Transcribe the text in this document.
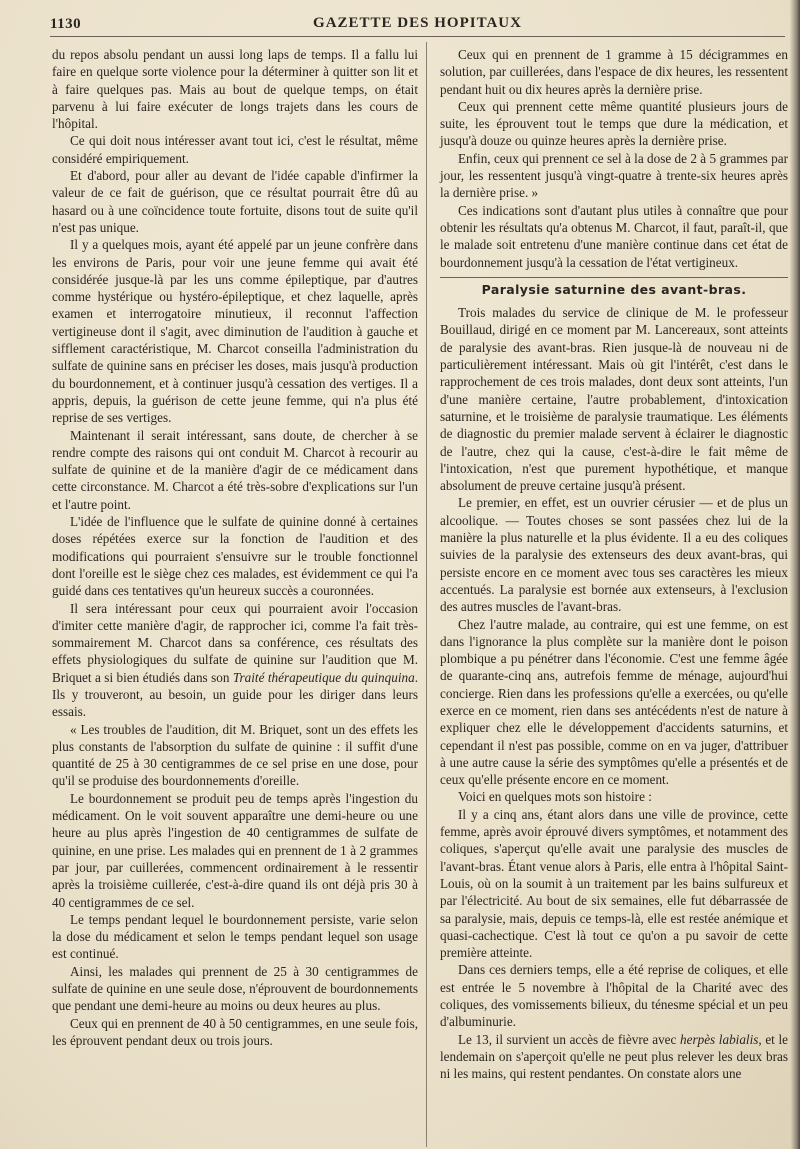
1130	GAZETTE DES HOPITAUX

du repos absolu pendant un aussi long laps de temps. Il a fallu lui faire en quelque sorte violence pour la déterminer à quitter son lit et à faire quelques pas. Mais au bout de quelque temps, on était parvenu à lui faire exécuter de longs trajets dans les cours de l'hôpital.

Ce qui doit nous intéresser avant tout ici, c'est le résultat, même considéré empiriquement.

Et d'abord, pour aller au devant de l'idée capable d'infirmer la valeur de ce fait de guérison, que ce résultat pourrait être dû au hasard ou à une coïncidence toute fortuite, disons tout de suite qu'il n'est pas unique.

Il y a quelques mois, ayant été appelé par un jeune confrère dans les environs de Paris, pour voir une jeune femme qui avait été considérée jusque-là par les uns comme épileptique, par d'autres comme hystérique ou hystéro-épileptique, et chez laquelle, après examen et interrogatoire minutieux, il reconnut l'affection vertigineuse dont il s'agit, avec diminution de l'audition à gauche et sifflement caractéristique, M. Charcot conseilla l'administration du sulfate de quinine sans en préciser les doses, mais jusqu'à production du bourdonnement, et à continuer jusqu'à cessation des vertiges. Il a appris, depuis, la guérison de cette jeune femme, qui n'a plus été reprise de ses vertiges.

Maintenant il serait intéressant, sans doute, de chercher à se rendre compte des raisons qui ont conduit M. Charcot à recourir au sulfate de quinine et de la manière d'agir de ce médicament dans cette circonstance. M. Charcot a été très-sobre d'explications sur l'un et l'autre point.

L'idée de l'influence que le sulfate de quinine donné à certaines doses répétées exerce sur la fonction de l'audition et des modifications qui pourraient s'ensuivre sur le trouble fonctionnel dont l'oreille est le siège chez ces malades, est évidemment ce qui l'a guidé dans ces tentatives qu'un heureux succès a couronnées.

Il sera intéressant pour ceux qui pourraient avoir l'occasion d'imiter cette manière d'agir, de rapprocher ici, comme l'a fait très-sommairement M. Charcot dans sa conférence, ces résultats des effets physiologiques du sulfate de quinine sur l'audition que M. Briquet a si bien étudiés dans son Traité thérapeutique du quinquina. Ils y trouveront, au besoin, un guide pour les diriger dans leurs essais.

« Les troubles de l'audition, dit M. Briquet, sont un des effets les plus constants de l'absorption du sulfate de quinine : il suffit d'une quantité de 25 à 30 centigrammes de ce sel prise en une dose, pour qu'il se produise des bourdonnements d'oreille.

Le bourdonnement se produit peu de temps après l'ingestion du médicament. On le voit souvent apparaître une demi-heure ou une heure au plus après l'ingestion de 40 centigrammes de sulfate de quinine, en une prise. Les malades qui en prennent de 1 à 2 grammes par jour, par cuillerées, commencent ordinairement à le ressentir après la troisième cuillerée, c'est-à-dire quand ils ont déjà pris 30 à 40 centigrammes de ce sel.

Le temps pendant lequel le bourdonnement persiste, varie selon la dose du médicament et selon le temps pendant lequel son usage est continué.

Ainsi, les malades qui prennent de 25 à 30 centigrammes de sulfate de quinine en une seule dose, n'éprouvent de bourdonnements que pendant une demi-heure au moins ou deux heures au plus.

Ceux qui en prennent de 40 à 50 centigrammes, en une seule fois, les éprouvent pendant deux ou trois jours.

Ceux qui en prennent de 1 gramme à 15 décigrammes en solution, par cuillerées, dans l'espace de dix heures, les ressentent pendant huit ou dix heures après la dernière prise.

Ceux qui prennent cette même quantité plusieurs jours de suite, les éprouvent tout le temps que dure la médication, et jusqu'à douze ou quinze heures après la dernière prise.

Enfin, ceux qui prennent ce sel à la dose de 2 à 5 grammes par jour, les ressentent jusqu'à vingt-quatre à trente-six heures après la dernière prise. »

Ces indications sont d'autant plus utiles à connaître que pour obtenir les résultats qu'a obtenus M. Charcot, il faut, paraît-il, que le malade soit entretenu d'une manière continue dans cet état de bourdonnement jusqu'à la cessation de l'état vertigineux.

Paralysie saturnine des avant-bras.

Trois malades du service de clinique de M. le professeur Bouillaud, dirigé en ce moment par M. Lancereaux, sont atteints de paralysie des avant-bras. Rien jusque-là de nouveau ni de particulièrement intéressant. Mais où git l'intérêt, c'est dans le rapprochement de ces trois malades, dont deux sont atteints, l'un d'une manière certaine, l'autre probablement, d'intoxication saturnine, et le troisième de paralysie traumatique. Les éléments de diagnostic du premier malade servent à éclairer le diagnostic de l'autre, chez qui la cause, c'est-à-dire le fait même de l'intoxication, n'est que purement hypothétique, et manque absolument de preuve certaine jusqu'à présent.

Le premier, en effet, est un ouvrier cérusier — et de plus un alcoolique. — Toutes choses se sont passées chez lui de la manière la plus naturelle et la plus évidente. Il a eu des coliques suivies de la paralysie des extenseurs des deux avant-bras, qui persiste encore en ce moment avec tous ses caractères les mieux accentués. La paralysie est bornée aux extenseurs, à l'exclusion des autres muscles de l'avant-bras.

Chez l'autre malade, au contraire, qui est une femme, on est dans l'ignorance la plus complète sur la manière dont le poison plombique a pu pénétrer dans l'économie. C'est une femme âgée de quarante-cinq ans, autrefois femme de ménage, aujourd'hui concierge. Rien dans les professions qu'elle a exercées, ou qu'elle exerce en ce moment, rien dans ses antécédents n'est de nature à expliquer chez elle le développement d'accidents saturnins, et cependant il n'est pas possible, comme on en va juger, d'attribuer à une autre cause la série des symptômes qu'elle a présentés et de ceux qu'elle présente encore en ce moment.

Voici en quelques mots son histoire :

Il y a cinq ans, étant alors dans une ville de province, cette femme, après avoir éprouvé divers symptômes, et notamment des coliques, s'aperçut qu'elle avait une paralysie des muscles de l'avant-bras. Étant venue alors à Paris, elle entra à l'hôpital Saint-Louis, où on la soumit à un traitement par les bains sulfureux et par l'électricité. Au bout de six semaines, elle fut débarrassée de sa paralysie, mais, depuis ce temps-là, elle est restée anémique et quasi-cachectique. C'est là tout ce qu'on a pu savoir de cette première atteinte.

Dans ces derniers temps, elle a été reprise de coliques, et elle est entrée le 5 novembre à l'hôpital de la Charité avec des coliques, des vomissements bilieux, du ténesme spécial et un peu d'albuminurie.

Le 13, il survient un accès de fièvre avec herpès labialis, et le lendemain on s'aperçoit qu'elle ne peut plus relever les deux bras ni les mains, qui restent pendantes. On constate alors une
